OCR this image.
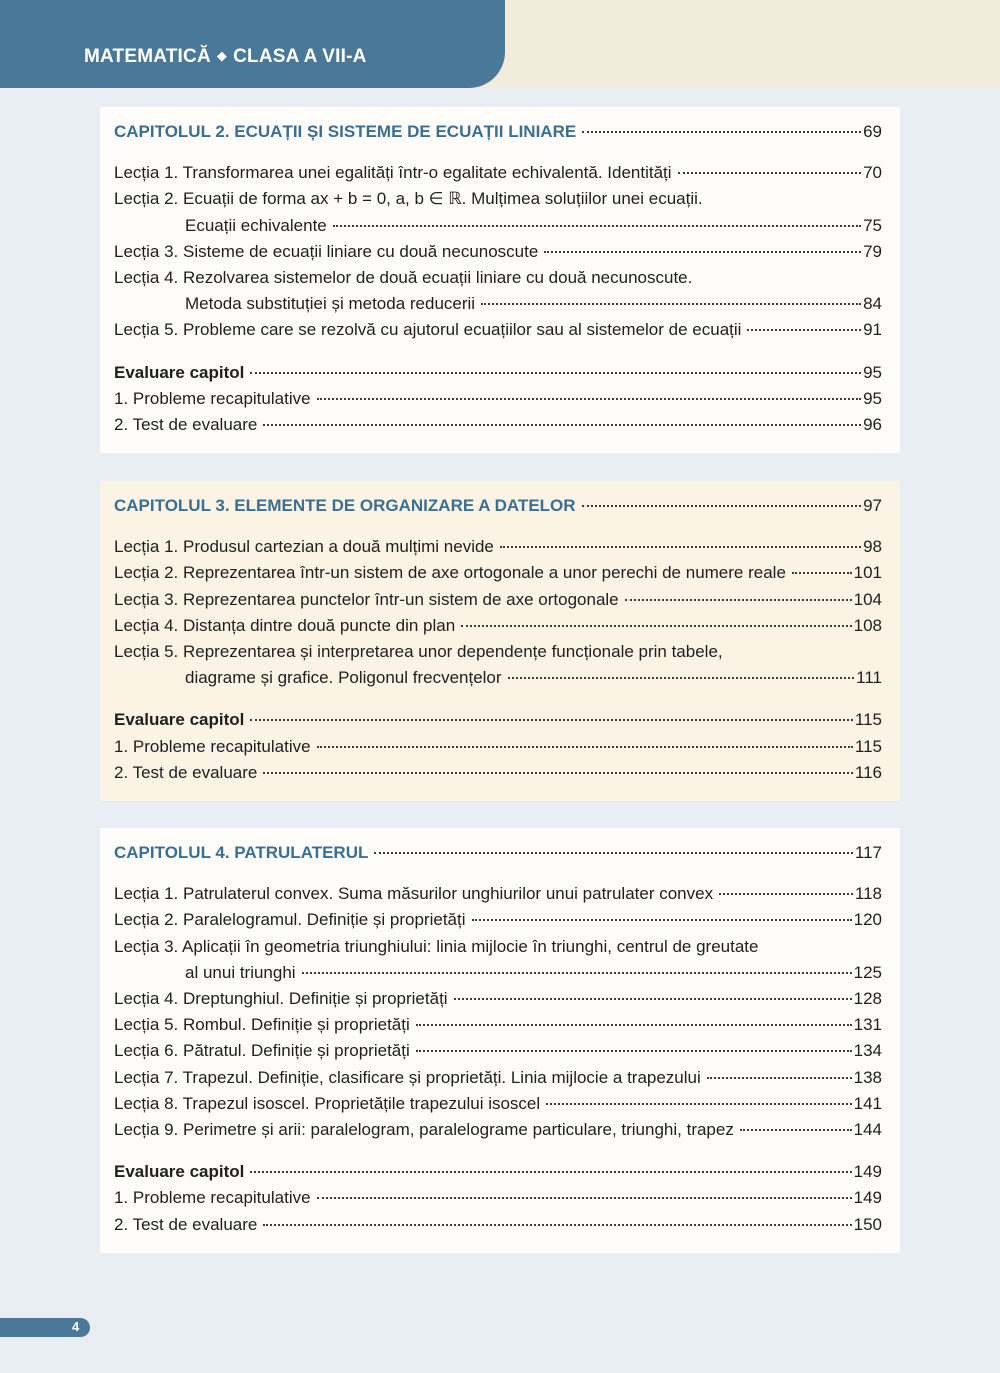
MATEMATICĂ ◆ CLASA A VII-A
CAPITOLUL 2. ECUAȚII ȘI SISTEME DE ECUAȚII LINIARE	69
Lecția 1. Transformarea unei egalități într-o egalitate echivalentă. Identități	70
Lecția 2. Ecuații de forma ax + b = 0, a, b ∈ ℝ. Mulțimea soluțiilor unei ecuații.
Ecuații echivalente	75
Lecția 3. Sisteme de ecuații liniare cu două necunoscute	79
Lecția 4. Rezolvarea sistemelor de două ecuații liniare cu două necunoscute.
Metoda substituției și metoda reducerii	84
Lecția 5. Probleme care se rezolvă cu ajutorul ecuațiilor sau al sistemelor de ecuații	91
Evaluare capitol	95
1. Probleme recapitulative	95
2. Test de evaluare	96
CAPITOLUL 3. ELEMENTE DE ORGANIZARE A DATELOR	97
Lecția 1. Produsul cartezian a două mulțimi nevide	98
Lecția 2. Reprezentarea într-un sistem de axe ortogonale a unor perechi de numere reale	101
Lecția 3. Reprezentarea punctelor într-un sistem de axe ortogonale	104
Lecția 4. Distanța dintre două puncte din plan	108
Lecția 5. Reprezentarea și interpretarea unor dependențe funcționale prin tabele,
diagrame și grafice. Poligonul frecvențelor	111
Evaluare capitol	115
1. Probleme recapitulative	115
2. Test de evaluare	116
CAPITOLUL 4. PATRULATERUL	117
Lecția 1. Patrulaterul convex. Suma măsurilor unghiurilor unui patrulater convex	118
Lecția 2. Paralelogramul. Definiție și proprietăți	120
Lecția 3. Aplicații în geometria triunghiului: linia mijlocie în triunghi, centrul de greutate
al unui triunghi	125
Lecția 4. Dreptunghiul. Definiție și proprietăți	128
Lecția 5. Rombul. Definiție și proprietăți	131
Lecția 6. Pătratul. Definiție și proprietăți	134
Lecția 7. Trapezul. Definiție, clasificare și proprietăți. Linia mijlocie a trapezului	138
Lecția 8. Trapezul isoscel. Proprietățile trapezului isoscel	141
Lecția 9. Perimetre și arii: paralelogram, paralelograme particulare, triunghi, trapez	144
Evaluare capitol	149
1. Probleme recapitulative	149
2. Test de evaluare	150
4
